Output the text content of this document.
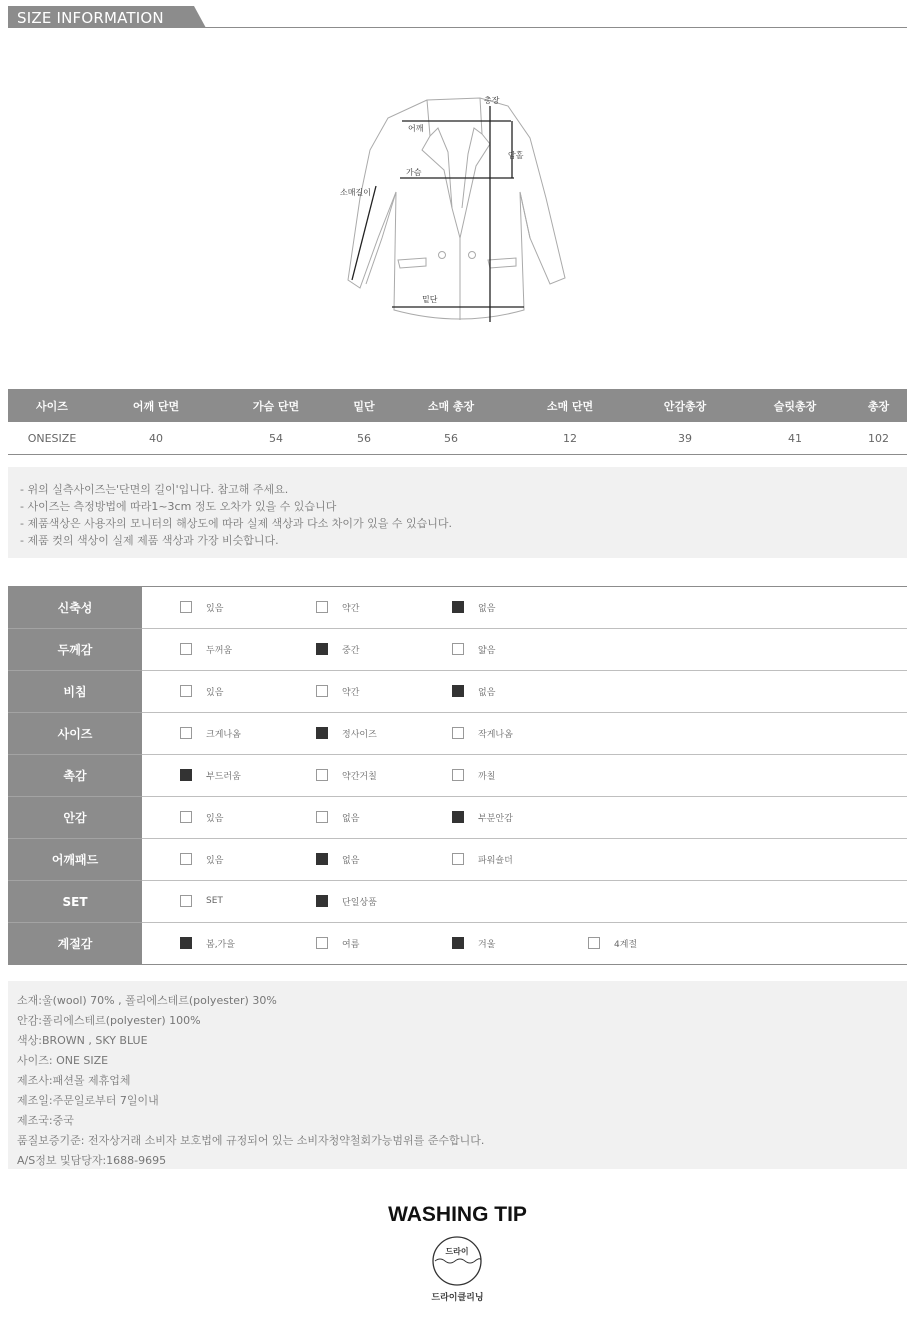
SIZE INFORMATION
총장
어깨
암홀
가슴
소매길이
밑단
사이즈	어깨 단면	가슴 단면	밑단	소매 총장	소매 단면	안감총장	슬릿총장	총장
ONESIZE	40	54	56	56	12	39	41	102
- 위의 실측사이즈는'단면의 길이'입니다. 참고해 주세요.
- 사이즈는 측정방법에 따라1~3cm 정도 오차가 있을 수 있습니다
- 제품색상은 사용자의 모니터의 해상도에 따라 실제 색상과 다소 차이가 있을 수 있습니다.
- 제품 컷의 색상이 실제 제품 색상과 가장 비슷합니다.
신축성	있음 약간 없음

두께감	두꺼움 중간 얇음

비침	있음 약간 없음

사이즈	크게나옴 정사이즈 작게나옴

촉감	부드러움 약간거칠 까칠

안감	있음 없음 부분안감

어깨패드	있음 없음 파워숄더

SET	SET 단일상품

계절감	봄,가을 여름 겨울 4계절
소재:울(wool) 70% , 폴리에스테르(polyester) 30%
안감:폴리에스테르(polyester) 100%
색상:BROWN , SKY BLUE
사이즈: ONE SIZE
제조사:패션몰 제휴업체
제조일:주문일로부터 7일이내
제조국:중국
품질보증기준: 전자상거래 소비자 보호법에 규정되어 있는 소비자청약철회가능범위를 준수합니다.
A/S정보 및담당자:1688-9695
WASHING TIP
드라이
드라이클리닝
